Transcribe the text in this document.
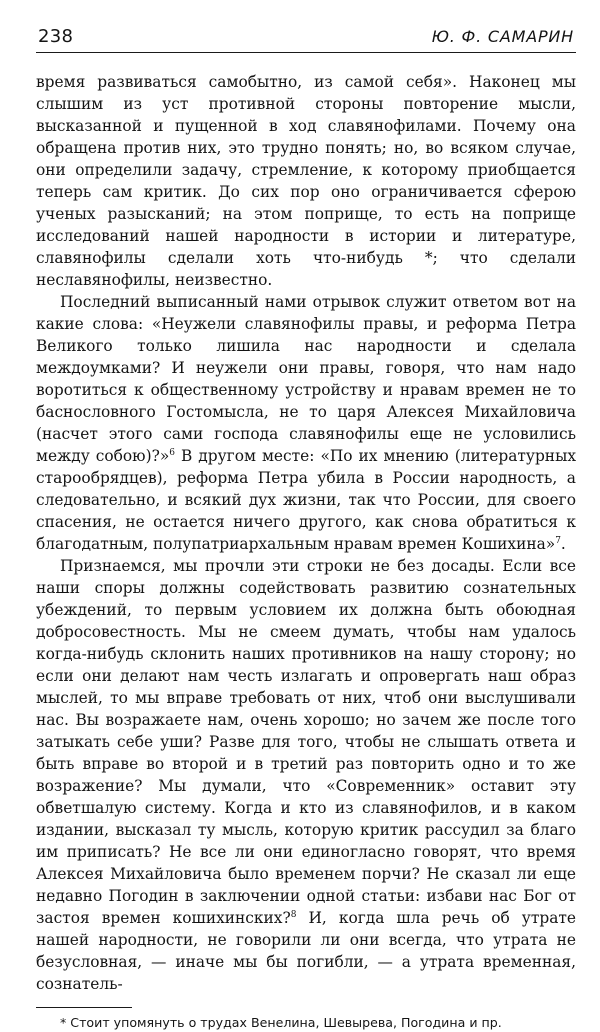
238	Ю. Ф. САМАРИН

время развиваться самобытно, из самой себя». Наконец мы слышим из уст противной стороны повторение мысли, высказанной и пущенной в ход славянофилами. Почему она обращена против них, это трудно понять; но, во всяком случае, они определили задачу, стремление, к которому приобщается теперь сам критик. До сих пор оно ограничивается сферою ученых разысканий; на этом поприще, то есть на поприще исследований нашей народности в истории и литературе, славянофилы сделали хоть что-нибудь *; что сделали неславянофилы, неизвестно.

Последний выписанный нами отрывок служит ответом вот на какие слова: «Неужели славянофилы правы, и реформа Петра Великого только лишила нас народности и сделала междоумками? И неужели они правы, говоря, что нам надо воротиться к общественному устройству и нравам времен не то баснословного Гостомысла, не то царя Алексея Михайловича (насчет этого сами господа славянофилы еще не условились между собою)?»$^6$ В другом месте: «По их мнению (литературных старообрядцев), реформа Петра убила в России народность, а следовательно, и всякий дух жизни, так что России, для своего спасения, не остается ничего другого, как снова обратиться к благодатным, полупатриархальным нравам времен Кошихина»$^7$.

Признаемся, мы прочли эти строки не без досады. Если все наши споры должны содействовать развитию сознательных убеждений, то первым условием их должна быть обоюдная добросовестность. Мы не смеем думать, чтобы нам удалось когда-нибудь склонить наших противников на нашу сторону; но если они делают нам честь излагать и опровергать наш образ мыслей, то мы вправе требовать от них, чтоб они выслушивали нас. Вы возражаете нам, очень хорошо; но зачем же после того затыкать себе уши? Разве для того, чтобы не слышать ответа и быть вправе во второй и в третий раз повторить одно и то же возражение? Мы думали, что «Современник» оставит эту обветшалую систему. Когда и кто из славянофилов, и в каком издании, высказал ту мысль, которую критик рассудил за благо им приписать? Не все ли они единогласно говорят, что время Алексея Михайловича было временем порчи? Не сказал ли еще недавно Погодин в заключении одной статьи: избави нас Бог от застоя времен кошихинских?$^8$ И, когда шла речь об утрате нашей народности, не говорили ли они всегда, что утрата не безусловная, — иначе мы бы погибли, — а утрата временная, сознатель-

* Стоит упомянуть о трудах Венелина, Шевырева, Погодина и пр.
